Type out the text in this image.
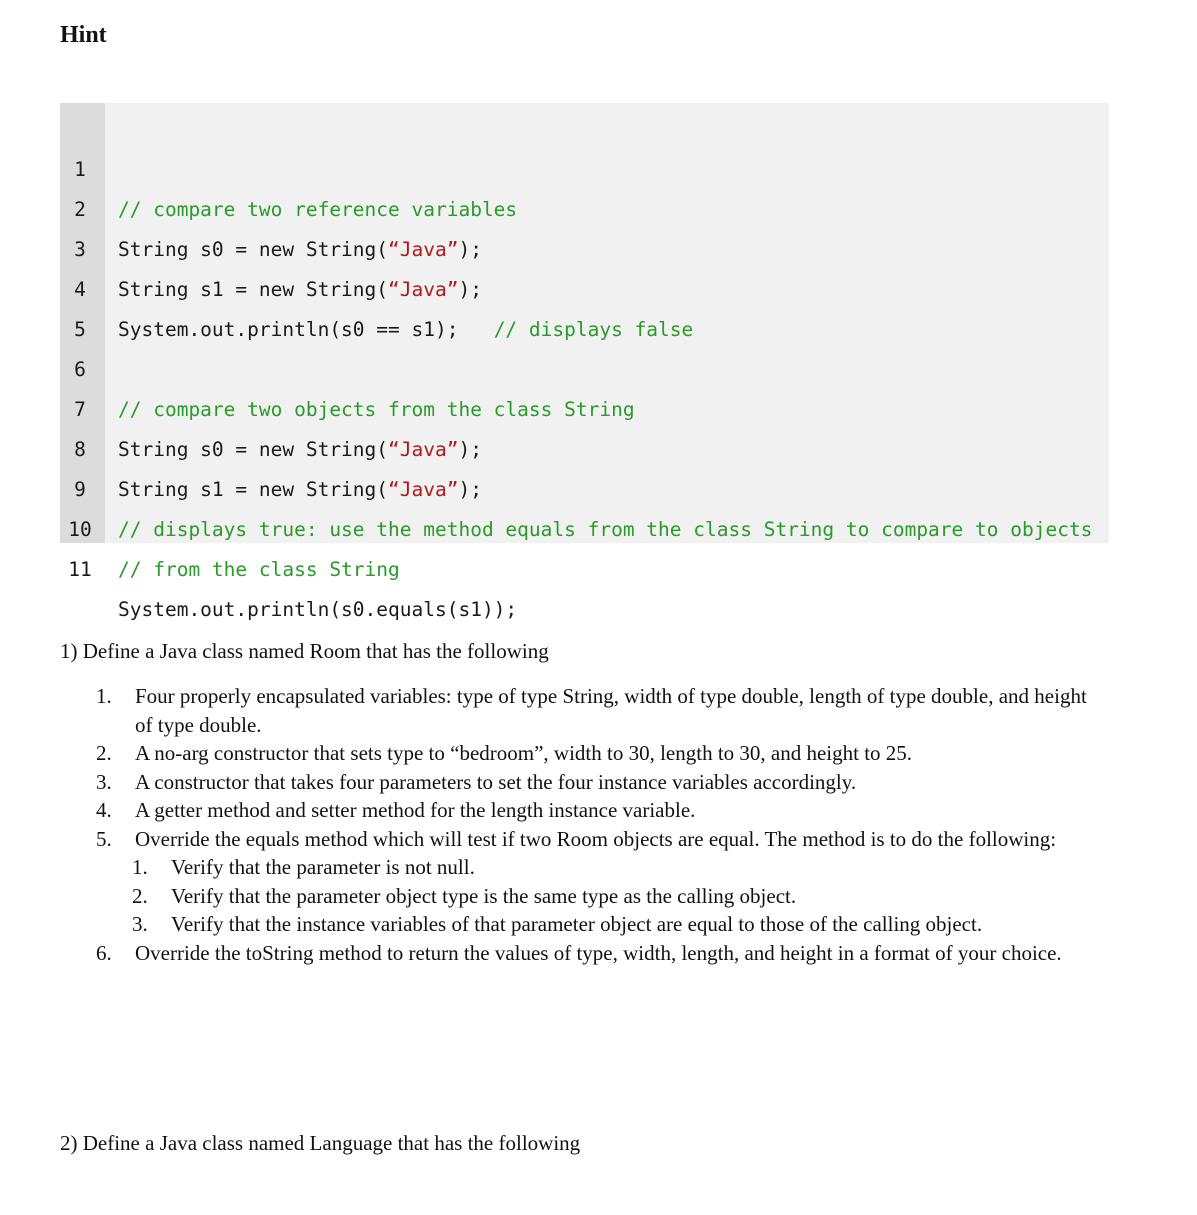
Hint

1

// compare two reference variables

2

String s0 = new String(“Java”);

3

String s1 = new String(“Java”);

4

System.out.println(s0 == s1);   // displays false

5

6

// compare two objects from the class String

7

String s0 = new String(“Java”);

8

String s1 = new String(“Java”);

9

// displays true: use the method equals from the class String to compare to objects

10

// from the class String

11

System.out.println(s0.equals(s1));

1) Define a Java class named Room that has the following

1. Four properly encapsulated variables: type of type String, width of type double, length of type double, and height of type double.
2. A no-arg constructor that sets type to “bedroom”, width to 30, length to 30, and height to 25.
3. A constructor that takes four parameters to set the four instance variables accordingly.
4. A getter method and setter method for the length instance variable.
5. Override the equals method which will test if two Room objects are equal. The method is to do the following:
1. Verify that the parameter is not null.
2. Verify that the parameter object type is the same type as the calling object.
3. Verify that the instance variables of that parameter object are equal to those of the calling object.
6. Override the toString method to return the values of type, width, length, and height in a format of your choice.

2) Define a Java class named Language that has the following
